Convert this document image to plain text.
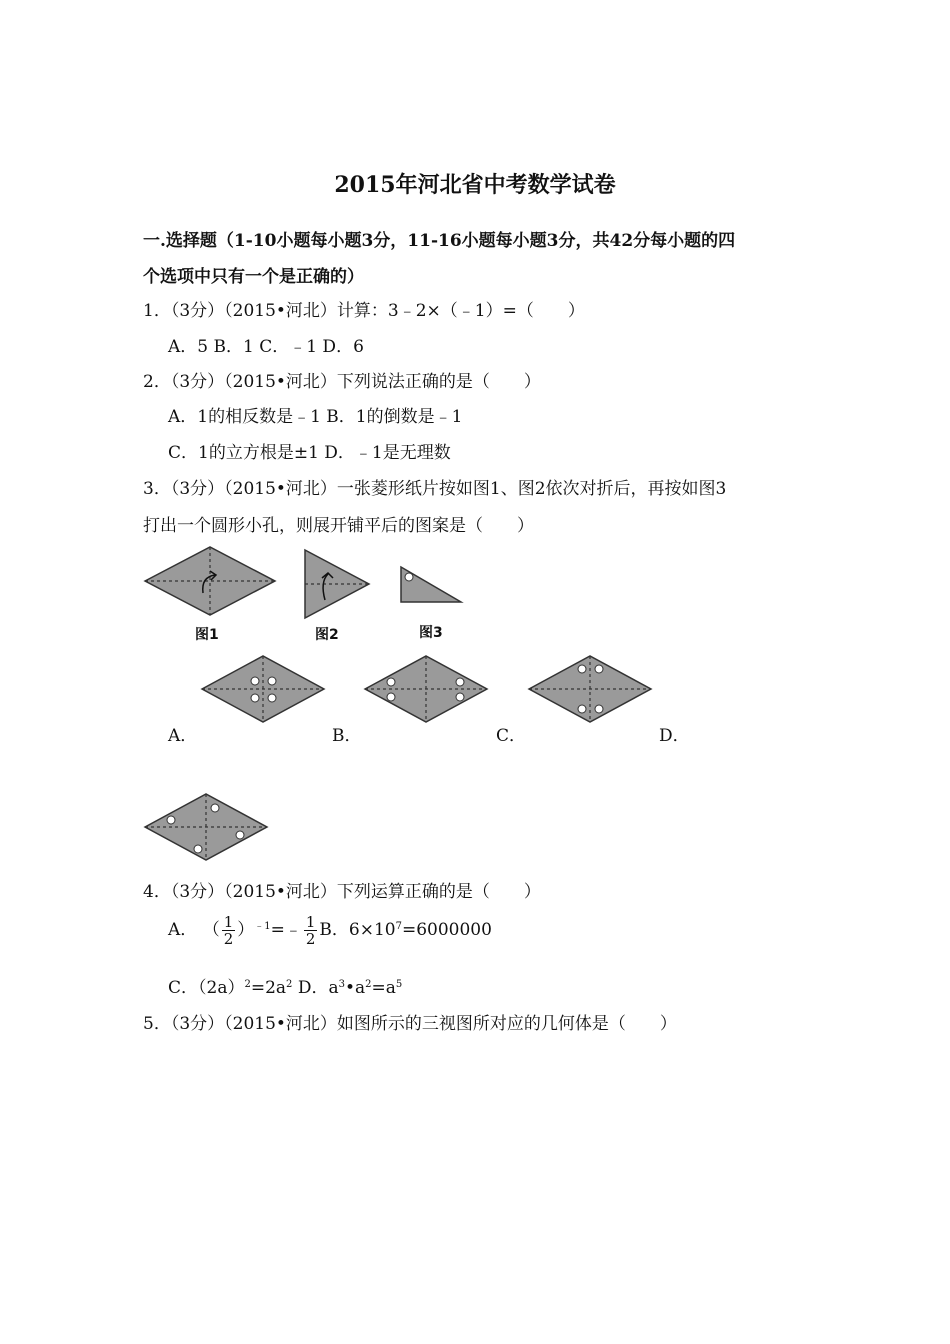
2015年河北省中考数学试卷
一.选择题（1-10小题每小题3分，11-16小题每小题3分，共42分每小题的四
个选项中只有一个是正确的）
1．（3分）（2015•河北）计算：3﹣2×（﹣1）=（　　）
A．5 B．1 C．﹣1 D．6
2．（3分）（2015•河北）下列说法正确的是（　　）
A．1的相反数是﹣1 B．1的倒数是﹣1
C．1的立方根是±1 D．﹣1是无理数
3．（3分）（2015•河北）一张菱形纸片按如图1、图2依次对折后，再按如图3
打出一个圆形小孔，则展开铺平后的图案是（　　）
图1	图2	图3
A．	B．	C．	D．
4．（3分）（2015•河北）下列运算正确的是（　　）
A． （ $\frac{1}{2}$ ）$^{﹣1}$=﹣ $\frac{1}{2}$ B．$6\times 10^7=6000000$
C．$(2a)^2=2a^2$ D．$a^3•a^2=a^5$
5．（3分）（2015•河北）如图所示的三视图所对应的几何体是（　　）
